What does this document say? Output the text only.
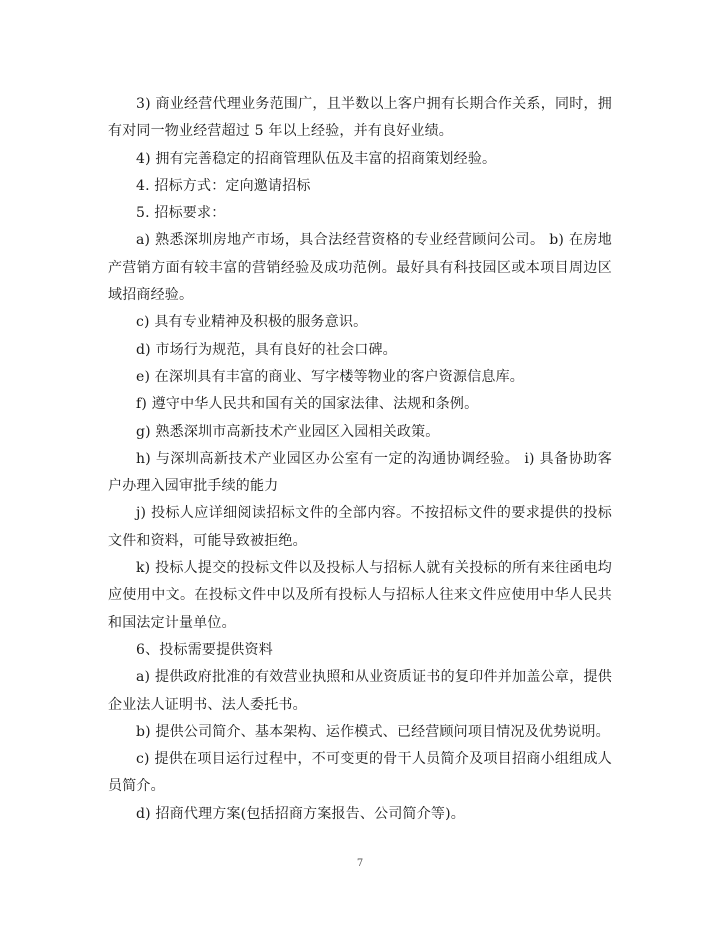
3) 商业经营代理业务范围广，且半数以上客户拥有长期合作关系，同时，拥有对同一物业经营超过 5 年以上经验，并有良好业绩。

4) 拥有完善稳定的招商管理队伍及丰富的招商策划经验。

4. 招标方式：定向邀请招标

5. 招标要求：

a) 熟悉深圳房地产市场，具合法经营资格的专业经营顾问公司。 b) 在房地产营销方面有较丰富的营销经验及成功范例。最好具有科技园区或本项目周边区域招商经验。

c) 具有专业精神及积极的服务意识。

d) 市场行为规范，具有良好的社会口碑。

e) 在深圳具有丰富的商业、写字楼等物业的客户资源信息库。

f) 遵守中华人民共和国有关的国家法律、法规和条例。

g) 熟悉深圳市高新技术产业园区入园相关政策。

h) 与深圳高新技术产业园区办公室有一定的沟通协调经验。 i) 具备协助客户办理入园审批手续的能力

j) 投标人应详细阅读招标文件的全部内容。不按招标文件的要求提供的投标文件和资料，可能导致被拒绝。

k) 投标人提交的投标文件以及投标人与招标人就有关投标的所有来往函电均应使用中文。在投标文件中以及所有投标人与招标人往来文件应使用中华人民共和国法定计量单位。

6、投标需要提供资料

a) 提供政府批准的有效营业执照和从业资质证书的复印件并加盖公章，提供企业法人证明书、法人委托书。

b) 提供公司简介、基本架构、运作模式、已经营顾问项目情况及优势说明。

c) 提供在项目运行过程中，不可变更的骨干人员简介及项目招商小组组成人员简介。

d) 招商代理方案(包括招商方案报告、公司简介等)。

7
